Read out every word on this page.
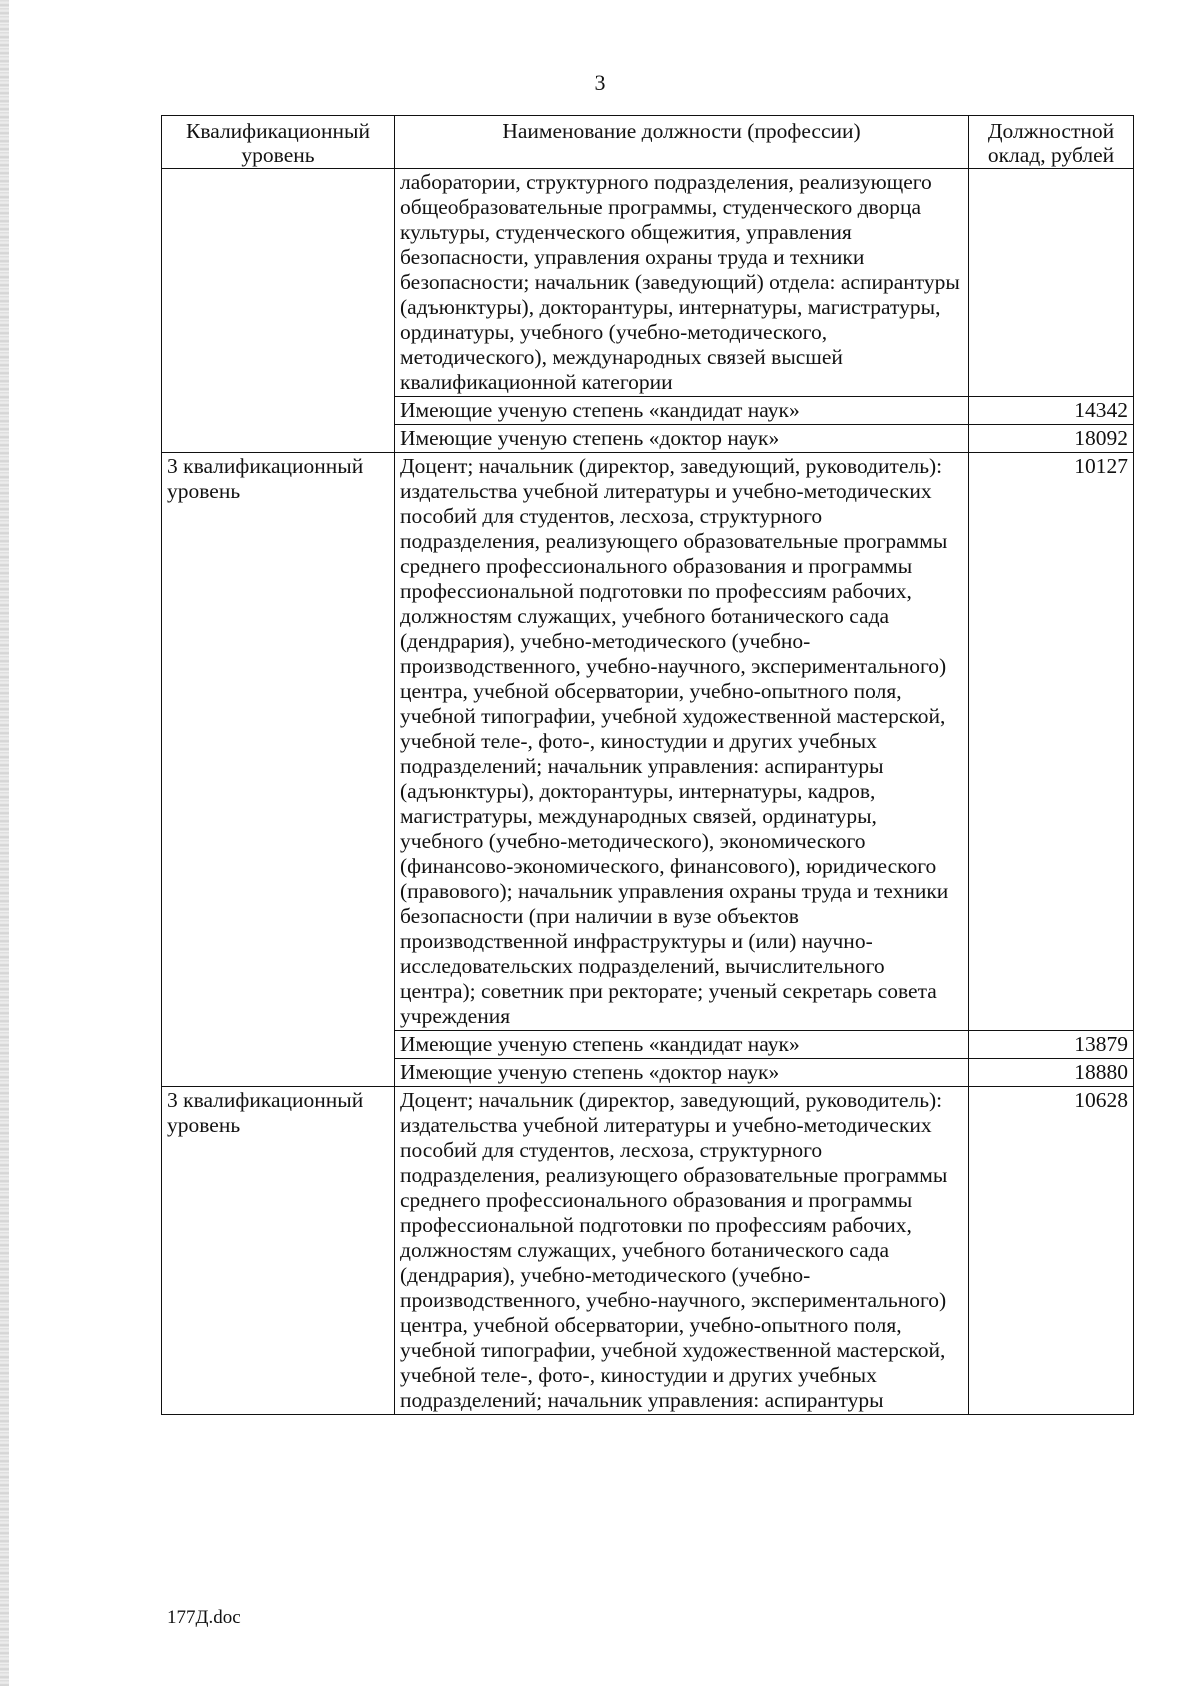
3
Квалификационный уровень	Наименование должности (профессии)	Должностной оклад, рублей
	лаборатории, структурного подразделения, реализующего общеобразовательные программы, студенческого дворца культуры, студенческого общежития, управления безопасности, управления охраны труда и техники безопасности; начальник (заведующий) отдела: аспирантуры (адъюнктуры), докторантуры, интернатуры, магистратуры, ординатуры, учебного (учебно-методического, методического), международных связей высшей квалификационной категории	
	Имеющие ученую степень «кандидат наук»	14342
	Имеющие ученую степень «доктор наук»	18092
3 квалификационный уровень	Доцент; начальник (директор, заведующий, руководитель): издательства учебной литературы и учебно-методических пособий для студентов, лесхоза, структурного подразделения, реализующего образовательные программы среднего профессионального образования и программы профессиональной подготовки по профессиям рабочих, должностям служащих, учебного ботанического сада (дендрария), учебно-методического (учебно-производственного, учебно-научного, экспериментального) центра, учебной обсерватории, учебно-опытного поля, учебной типографии, учебной художественной мастерской, учебной теле-, фото-, киностудии и других учебных подразделений; начальник управления: аспирантуры (адъюнктуры), докторантуры, интернатуры, кадров, магистратуры, международных связей, ординатуры, учебного (учебно-методического), экономического (финансово-экономического, финансового), юридического (правового); начальник управления охраны труда и техники безопасности (при наличии в вузе объектов производственной инфраструктуры и (или) научно-исследовательских подразделений, вычислительного центра); советник при ректорате; ученый секретарь совета учреждения	10127
	Имеющие ученую степень «кандидат наук»	13879
	Имеющие ученую степень «доктор наук»	18880
3 квалификационный уровень	Доцент; начальник (директор, заведующий, руководитель): издательства учебной литературы и учебно-методических пособий для студентов, лесхоза, структурного подразделения, реализующего образовательные программы среднего профессионального образования и программы профессиональной подготовки по профессиям рабочих, должностям служащих, учебного ботанического сада (дендрария), учебно-методического (учебно-производственного, учебно-научного, экспериментального) центра, учебной обсерватории, учебно-опытного поля, учебной типографии, учебной художественной мастерской, учебной теле-, фото-, киностудии и других учебных подразделений; начальник управления: аспирантуры	10628
177Д.doc
